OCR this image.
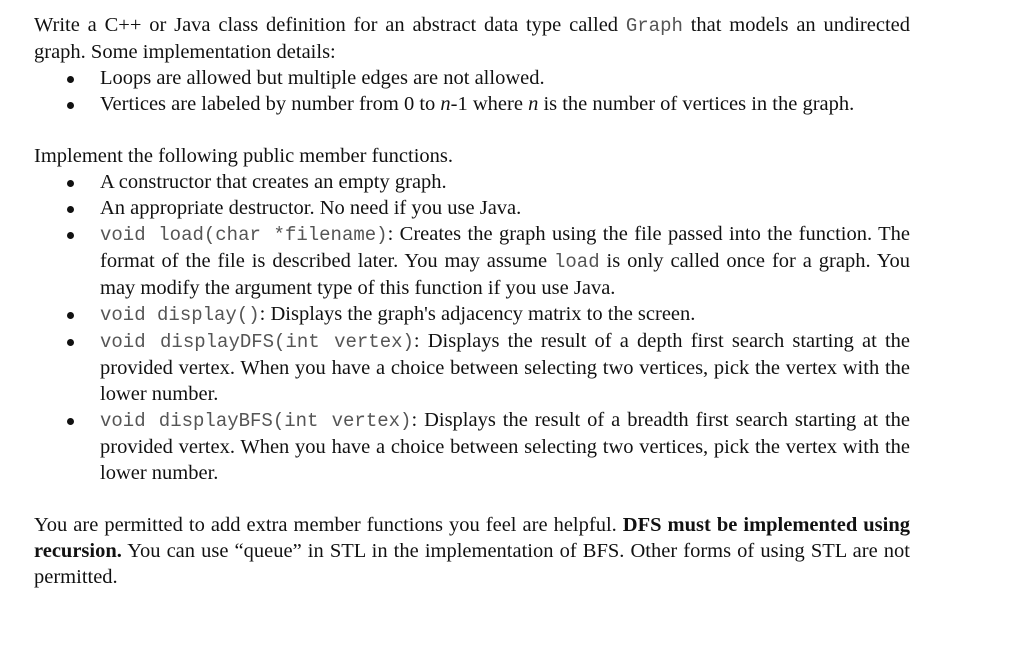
Write a C++ or Java class definition for an abstract data type called Graph that models an undirected graph. Some implementation details:

Loops are allowed but multiple edges are not allowed.
Vertices are labeled by number from 0 to n-1 where n is the number of vertices in the graph.

Implement the following public member functions.

A constructor that creates an empty graph.
An appropriate destructor. No need if you use Java.
void load(char *filename): Creates the graph using the file passed into the function. The format of the file is described later. You may assume load is only called once for a graph. You may modify the argument type of this function if you use Java.
void display(): Displays the graph's adjacency matrix to the screen.
void displayDFS(int vertex): Displays the result of a depth first search starting at the provided vertex. When you have a choice between selecting two vertices, pick the vertex with the lower number.
void displayBFS(int vertex): Displays the result of a breadth first search starting at the provided vertex. When you have a choice between selecting two vertices, pick the vertex with the lower number.

You are permitted to add extra member functions you feel are helpful. DFS must be implemented using recursion. You can use “queue” in STL in the implementation of BFS. Other forms of using STL are not permitted.
